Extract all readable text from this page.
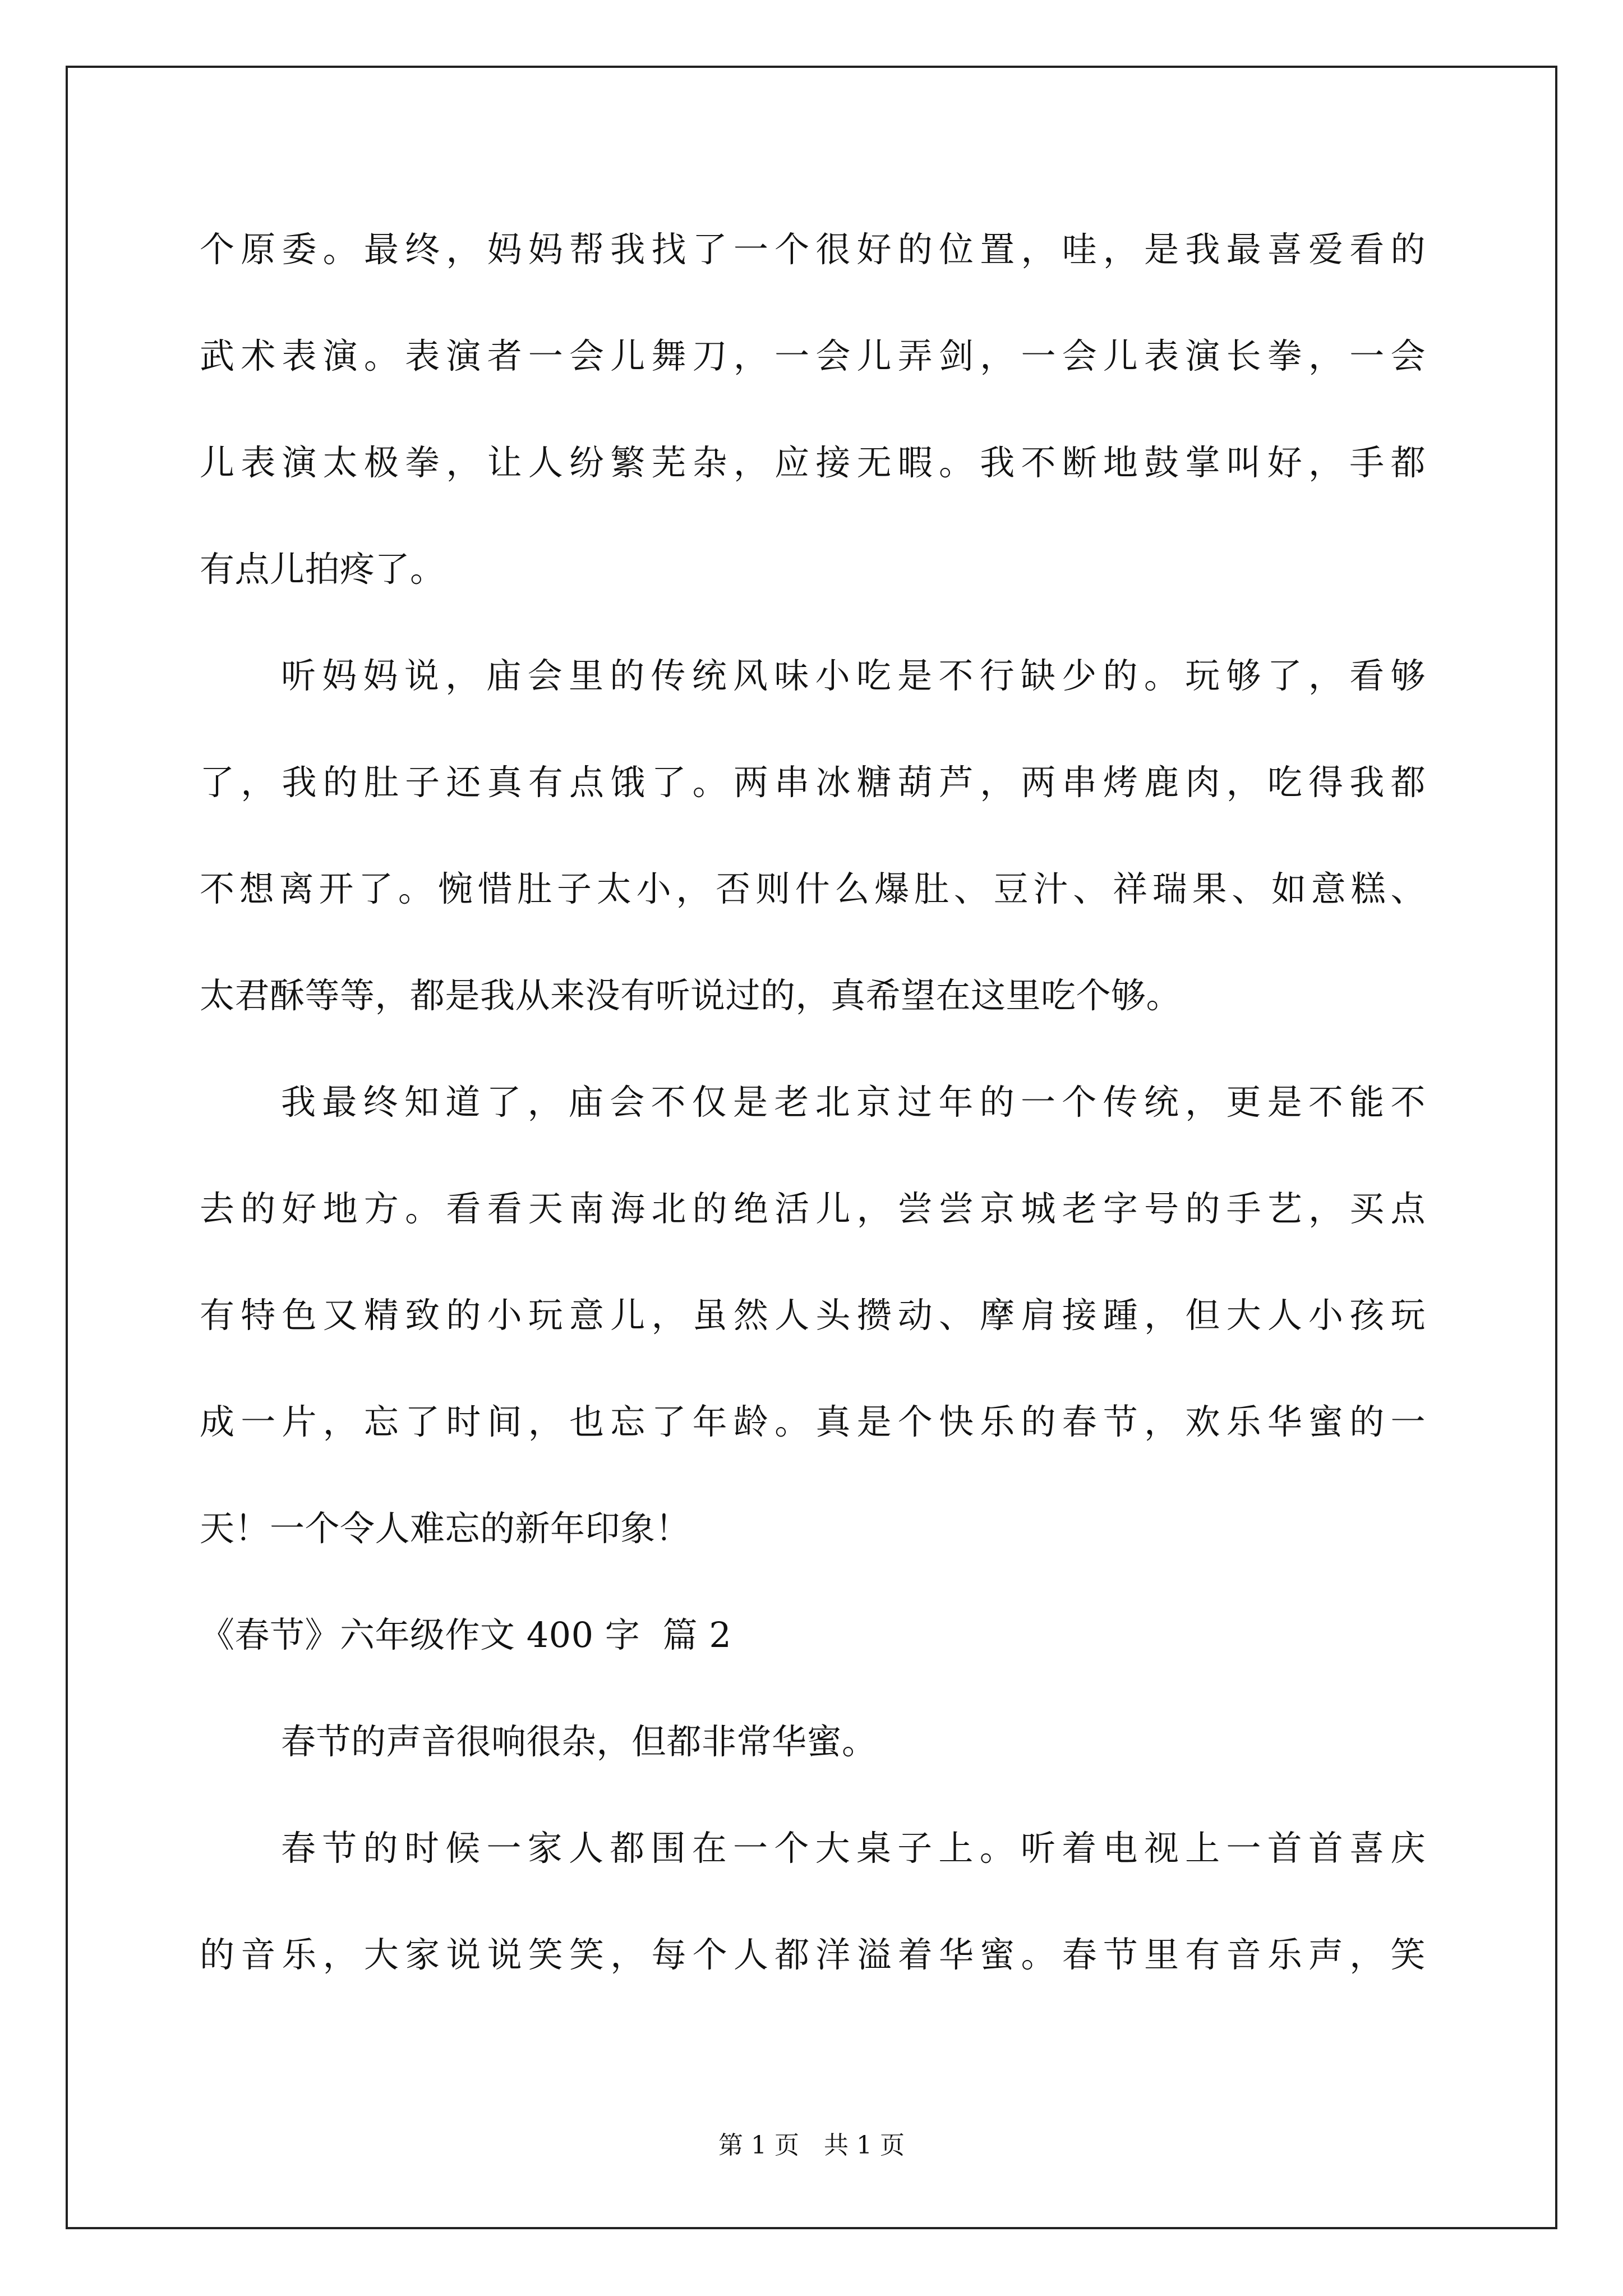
个原委。最终，妈妈帮我找了一个很好的位置，哇，是我最喜爱看的

武术表演。表演者一会儿舞刀，一会儿弄剑，一会儿表演长拳，一会

儿表演太极拳，让人纷繁芜杂，应接无暇。我不断地鼓掌叫好，手都

有点儿拍疼了。

听妈妈说，庙会里的传统风味小吃是不行缺少的。玩够了，看够

了，我的肚子还真有点饿了。两串冰糖葫芦，两串烤鹿肉，吃得我都

不想离开了。惋惜肚子太小，否则什么爆肚、豆汁、祥瑞果、如意糕、

太君酥等等，都是我从来没有听说过的，真希望在这里吃个够。

我最终知道了，庙会不仅是老北京过年的一个传统，更是不能不

去的好地方。看看天南海北的绝活儿，尝尝京城老字号的手艺，买点

有特色又精致的小玩意儿，虽然人头攒动、摩肩接踵，但大人小孩玩

成一片，忘了时间，也忘了年龄。真是个快乐的春节，欢乐华蜜的一

天！一个令人难忘的新年印象！

《春节》六年级作文 400 字  篇 2

春节的声音很响很杂，但都非常华蜜。

春节的时候一家人都围在一个大桌子上。听着电视上一首首喜庆

的音乐，大家说说笑笑，每个人都洋溢着华蜜。春节里有音乐声，笑

第 1 页 共 1 页
